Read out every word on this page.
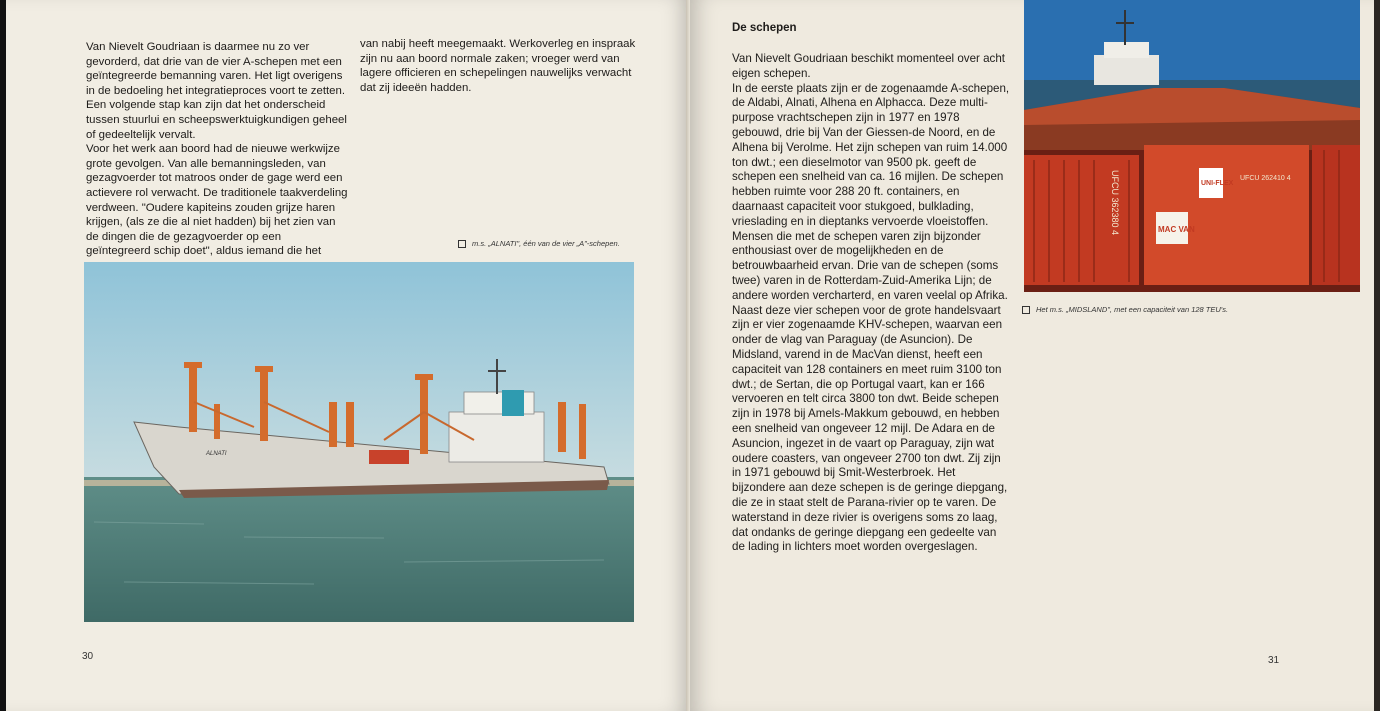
Van Nievelt Goudriaan is daarmee nu zo ver gevorderd, dat drie van de vier A-schepen met een geïntegreerde bemanning varen. Het ligt overigens in de bedoeling het integratieproces voort te zetten. Een volgende stap kan zijn dat het onderscheid tussen stuurlui en scheepswerktuigkundigen geheel of gedeeltelijk vervalt.

Voor het werk aan boord had de nieuwe werkwijze grote gevolgen. Van alle bemanningsleden, van gezagvoerder tot matroos onder de gage werd een actievere rol verwacht. De traditionele taakverdeling verdween. "Oudere kapiteins zouden grijze haren krijgen, (als ze die al niet hadden) bij het zien van de dingen die de gezagvoerder op een geïntegreerd schip doet", aldus iemand die het

van nabij heeft meegemaakt. Werkoverleg en inspraak zijn nu aan boord normale zaken; vroeger werd van lagere officieren en schepelingen nauwelijks verwacht dat zij ideeën hadden.

m.s. „ALNATI", één van de vier „A"-schepen.
ALNATI
30
De schepen

Van Nievelt Goudriaan beschikt momenteel over acht eigen schepen.

In de eerste plaats zijn er de zogenaamde A-schepen, de Aldabi, Alnati, Alhena en Alphacca. Deze multi-purpose vrachtschepen zijn in 1977 en 1978 gebouwd, drie bij Van der Giessen-de Noord, en de Alhena bij Verolme. Het zijn schepen van ruim 14.000 ton dwt.; een dieselmotor van 9500 pk. geeft de schepen een snelheid van ca. 16 mijlen. De schepen hebben ruimte voor 288 20 ft. containers, en daarnaast capaciteit voor stukgoed, bulklading, vrieslading en in dieptanks vervoerde vloeistoffen. Mensen die met de schepen varen zijn bijzonder enthousiast over de mogelijkheden en de betrouwbaarheid ervan. Drie van de schepen (soms twee) varen in de Rotterdam-Zuid-Amerika Lijn; de andere worden vercharterd, en varen veelal op Afrika.

Naast deze vier schepen voor de grote handelsvaart zijn er vier zogenaamde KHV-schepen, waarvan een onder de vlag van Paraguay (de Asuncion). De Midsland, varend in de MacVan dienst, heeft een capaciteit van 128 containers en meet ruim 3100 ton dwt.; de Sertan, die op Portugal vaart, kan er 166 vervoeren en telt circa 3800 ton dwt. Beide schepen zijn in 1978 bij Amels-Makkum gebouwd, en hebben een snelheid van ongeveer 12 mijl. De Adara en de Asuncion, ingezet in de vaart op Paraguay, zijn wat oudere coasters, van ongeveer 2700 ton dwt. Zij zijn in 1971 gebouwd bij Smit-Westerbroek. Het bijzondere aan deze schepen is de geringe diepgang, die ze in staat stelt de Parana-rivier op te varen. De waterstand in deze rivier is overigens soms zo laag, dat ondanks de geringe diepgang een gedeelte van de lading in lichters moet worden overgeslagen.

UFCU 362380 4	UNI-FLEX
MAC VAN
UFCU 262410 4
Het m.s. „MIDSLAND", met een capaciteit van 128 TEU's.
31
